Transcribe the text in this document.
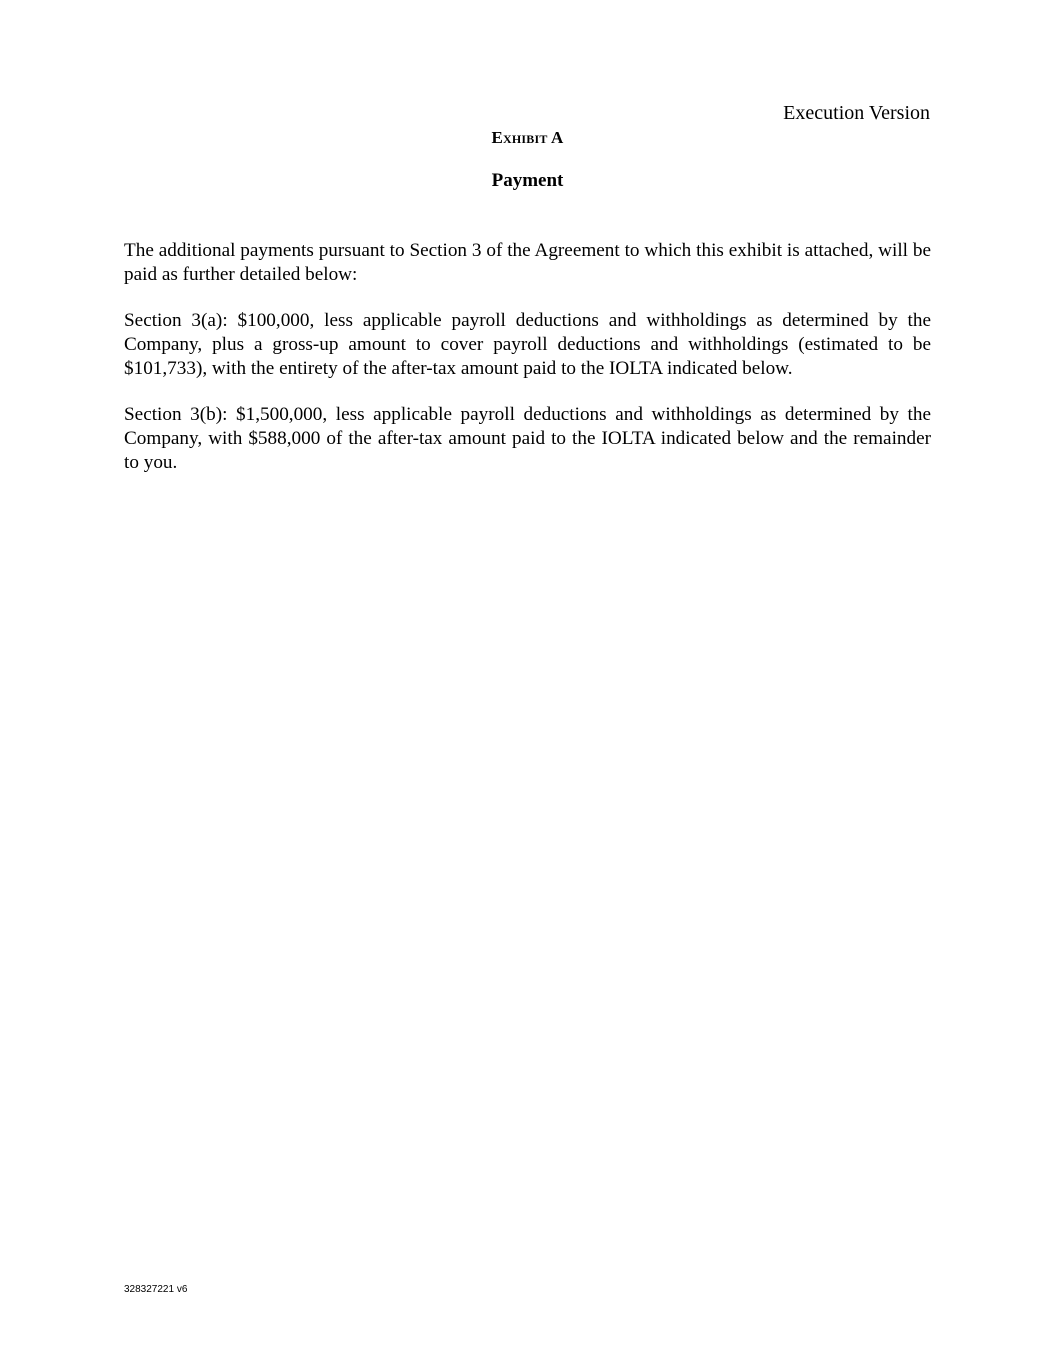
Execution Version
Exhibit A
Payment

The additional payments pursuant to Section 3 of the Agreement to which this exhibit is attached, will be paid as further detailed below:

Section 3(a): $100,000, less applicable payroll deductions and withholdings as determined by the Company, plus a gross-up amount to cover payroll deductions and withholdings (estimated to be $101,733), with the entirety of the after-tax amount paid to the IOLTA indicated below.

Section 3(b): $1,500,000, less applicable payroll deductions and withholdings as determined by the Company, with $588,000 of the after-tax amount paid to the IOLTA indicated below and the remainder to you.

328327221 v6
